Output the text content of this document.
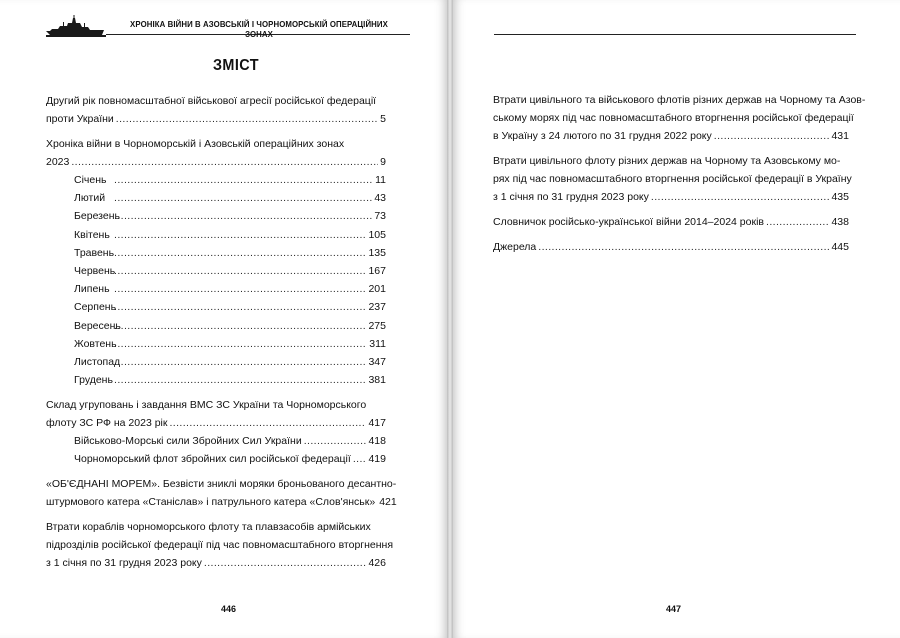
ХРОНІКА ВІЙНИ В АЗОВСЬКІЙ І ЧОРНОМОРСЬКІЙ ОПЕРАЦІЙНИХ ЗОНАХ
ЗМІСТ
Другий рік повномасштабної військової агресії російської федерації
проти України .....	5
Хроніка війни в Чорноморській і Азовській операційних зонах
2023 .....	9
Січень .....	11
Лютий .....	43
Березень .....	73
Квітень .....	105
Травень .....	135
Червень .....	167
Липень .....	201
Серпень .....	237
Вересень .....	275
Жовтень .....	311
Листопад .....	347
Грудень .....	381
Склад угруповань і завдання ВМС ЗС України та Чорноморського
флоту ЗС РФ на 2023 рік .....	417
Військово-Морські сили Збройних Сил України .....	418
Чорноморський флот збройних сил російської федерації ..... 419
«ОБ'ЄДНАНІ МОРЕМ». Безвісти зниклі моряки броньованого десантно-
штурмового катера «Станіслав» і патрульного катера «Слов'янськ» 421
Втрати кораблів чорноморського флоту та плавзасобів армійських
підрозділів російської федерації під час повномасштабного вторгнення
з 1 січня по 31 грудня 2023 року .....	426
Втрати цивільного та військового флотів різних держав на Чорному та Азов-
ському морях під час повномасштабного вторгнення російської федерації
в Україну з 24 лютого по 31 грудня 2022 року .....	431
Втрати цивільного флоту різних держав на Чорному та Азовському мо-
рях під час повномасштабного вторгнення російської федерації в Україну
з 1 січня по 31 грудня 2023 року .....	435
Словничок російсько-української війни 2014–2024 років .....	438
Джерела .....	445
446	447
